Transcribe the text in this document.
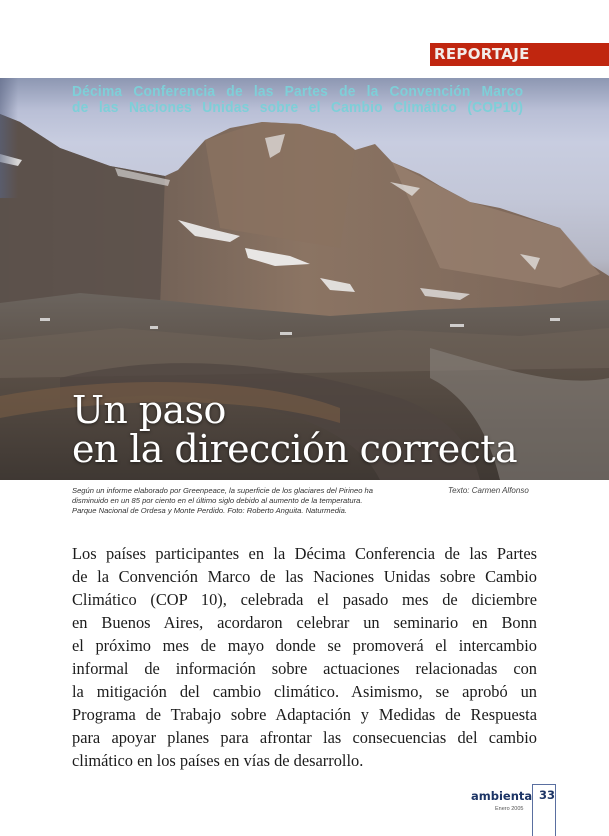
REPORTAJE
Décima Conferencia de las Partes de la Convención Marco
de las Naciones Unidas sobre el Cambio Climático (COP10)
Un paso
en la dirección correcta
Según un informe elaborado por Greenpeace, la superficie de los glaciares del Pirineo ha
disminuido en un 85 por ciento en el último siglo debido al aumento de la temperatura.
Parque Nacional de Ordesa y Monte Perdido. Foto: Roberto Anguita. Naturmedia.
Texto: Carmen Alfonso
Los países participantes en la Décima Conferencia de las Partes
de la Convención Marco de las Naciones Unidas sobre Cambio
Climático (COP 10), celebrada el pasado mes de diciembre
en Buenos Aires, acordaron celebrar un seminario en Bonn
el próximo mes de mayo donde se promoverá el intercambio
informal de información sobre actuaciones relacionadas con
la mitigación del cambio climático. Asimismo, se aprobó un
Programa de Trabajo sobre Adaptación y Medidas de Respuesta
para apoyar planes para afrontar las consecuencias del cambio
climático en los países en vías de desarrollo.
ambienta
Enero 2005
33
